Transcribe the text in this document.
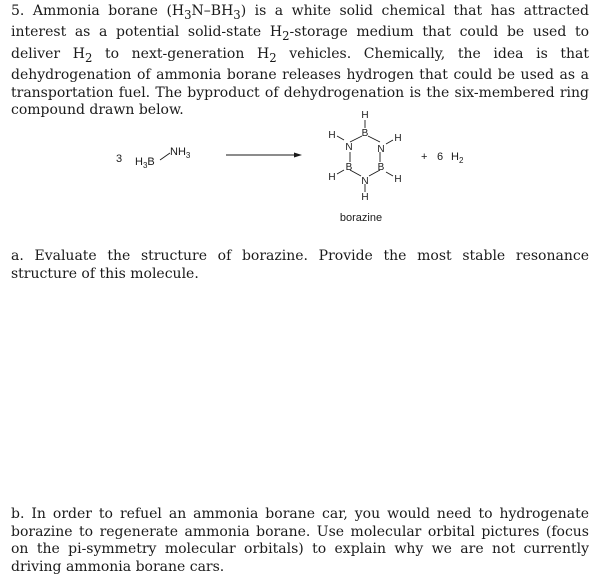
5. Ammonia borane $(H_3N-BH_3)$ is a white solid chemical that has attracted interest as a potential solid-state $H_2$-storage medium that could be used to deliver $H_2$ to next-generation $H_2$ vehicles. Chemically, the idea is that dehydrogenation of ammonia borane releases hydrogen that could be used as a transportation fuel. The byproduct of dehydrogenation is the six-membered ring compound drawn below.

3 $H_3B$
$NH_3$
H
B
N N
B	B
N
H
H	H
H	H
borazine
+ 6 $H_2$

a. Evaluate the structure of borazine. Provide the most stable resonance structure of this molecule.

b. In order to refuel an ammonia borane car, you would need to hydrogenate borazine to regenerate ammonia borane. Use molecular orbital pictures (focus on the pi-symmetry molecular orbitals) to explain why we are not currently driving ammonia borane cars.
